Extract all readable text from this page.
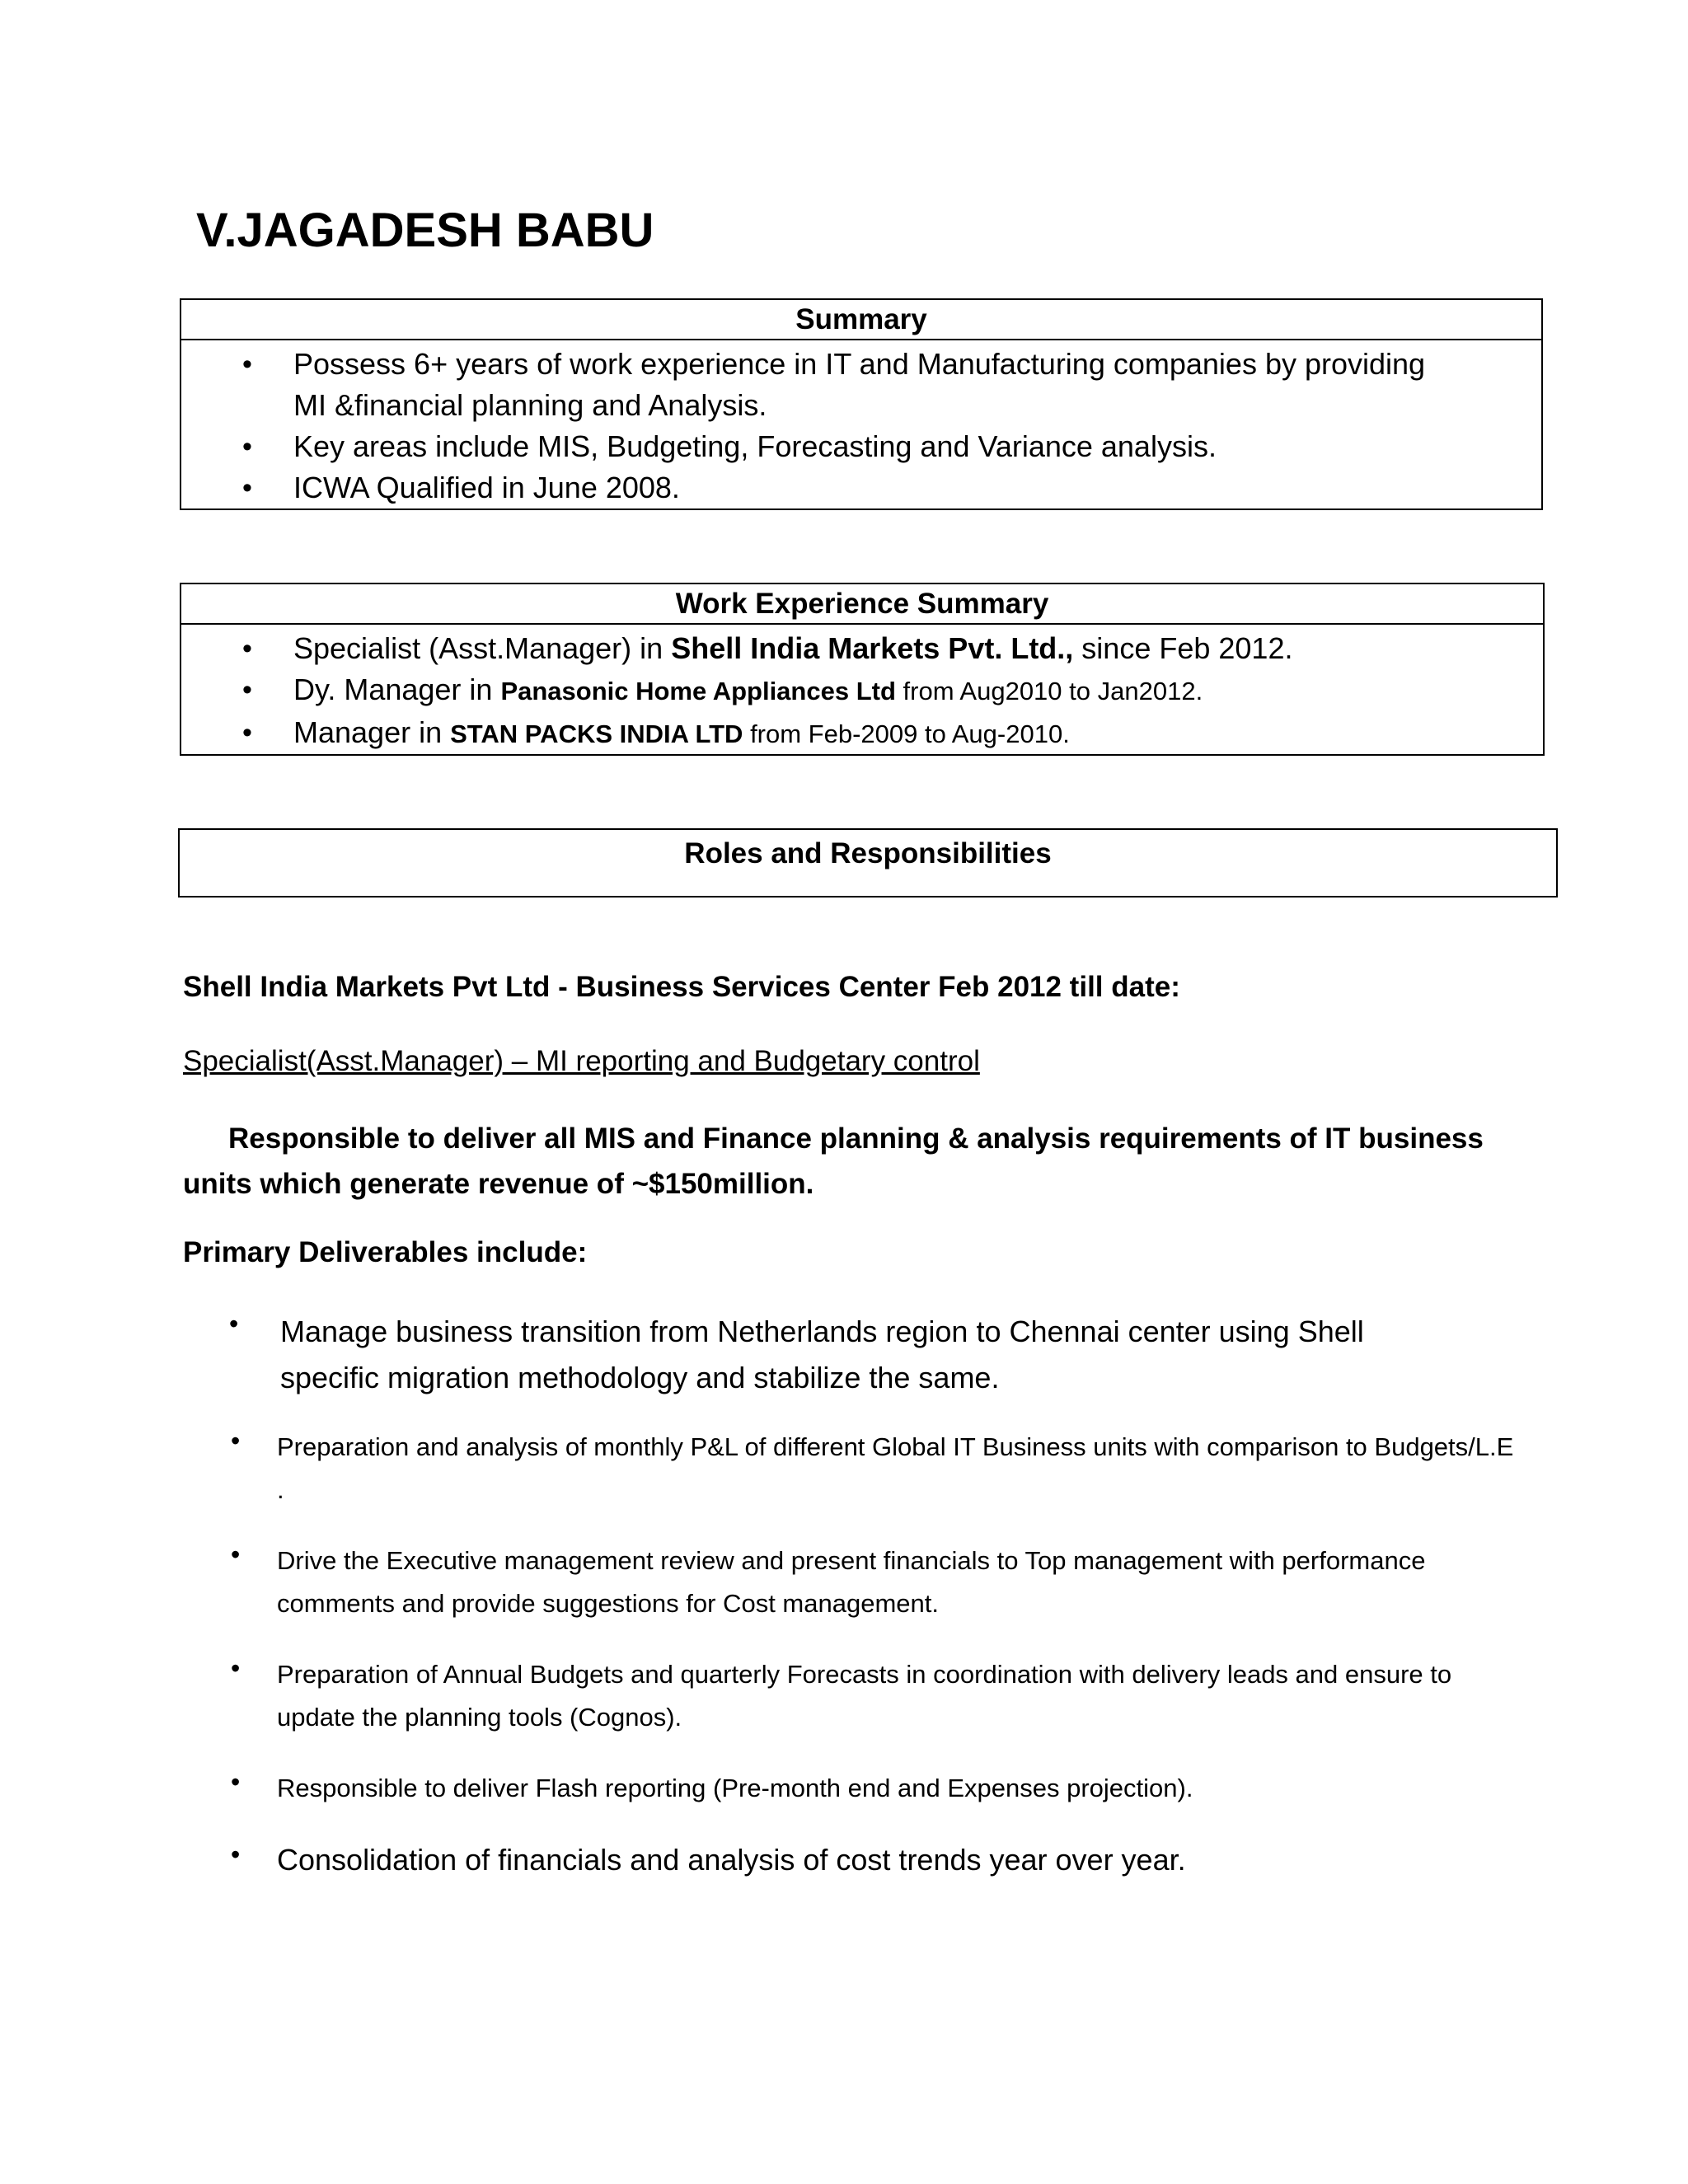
V.JAGADESH BABU
Summary
• Possess 6+ years of work experience in IT and Manufacturing companies by providing MI &financial planning and Analysis.
• Key areas include MIS, Budgeting, Forecasting and Variance analysis.
• ICWA Qualified in June 2008.
Work Experience Summary
• Specialist (Asst.Manager) in Shell India Markets Pvt. Ltd., since Feb 2012.
• Dy. Manager in Panasonic Home Appliances Ltd from Aug2010 to Jan2012.
• Manager in STAN PACKS INDIA LTD from Feb-2009 to Aug-2010.
Roles and Responsibilities
Shell India Markets Pvt Ltd - Business Services Center Feb 2012 till date:
Specialist(Asst.Manager) – MI reporting and Budgetary control
Responsible to deliver all MIS and Finance planning & analysis requirements of IT business units which generate revenue of ~$150million.
Primary Deliverables include:
•	Manage business transition from Netherlands region to Chennai center using Shell specific migration methodology and stabilize the same.
•	Preparation and analysis of monthly P&L of different Global IT Business units with comparison to Budgets/L.E .
•	Drive the Executive management review and present financials to Top management with performance comments and provide suggestions for Cost management.
•	Preparation of Annual Budgets and quarterly Forecasts in coordination with delivery leads and ensure to update the planning tools (Cognos).
•	Responsible to deliver Flash reporting (Pre-month end and Expenses projection).
•	Consolidation of financials and analysis of cost trends year over year.
